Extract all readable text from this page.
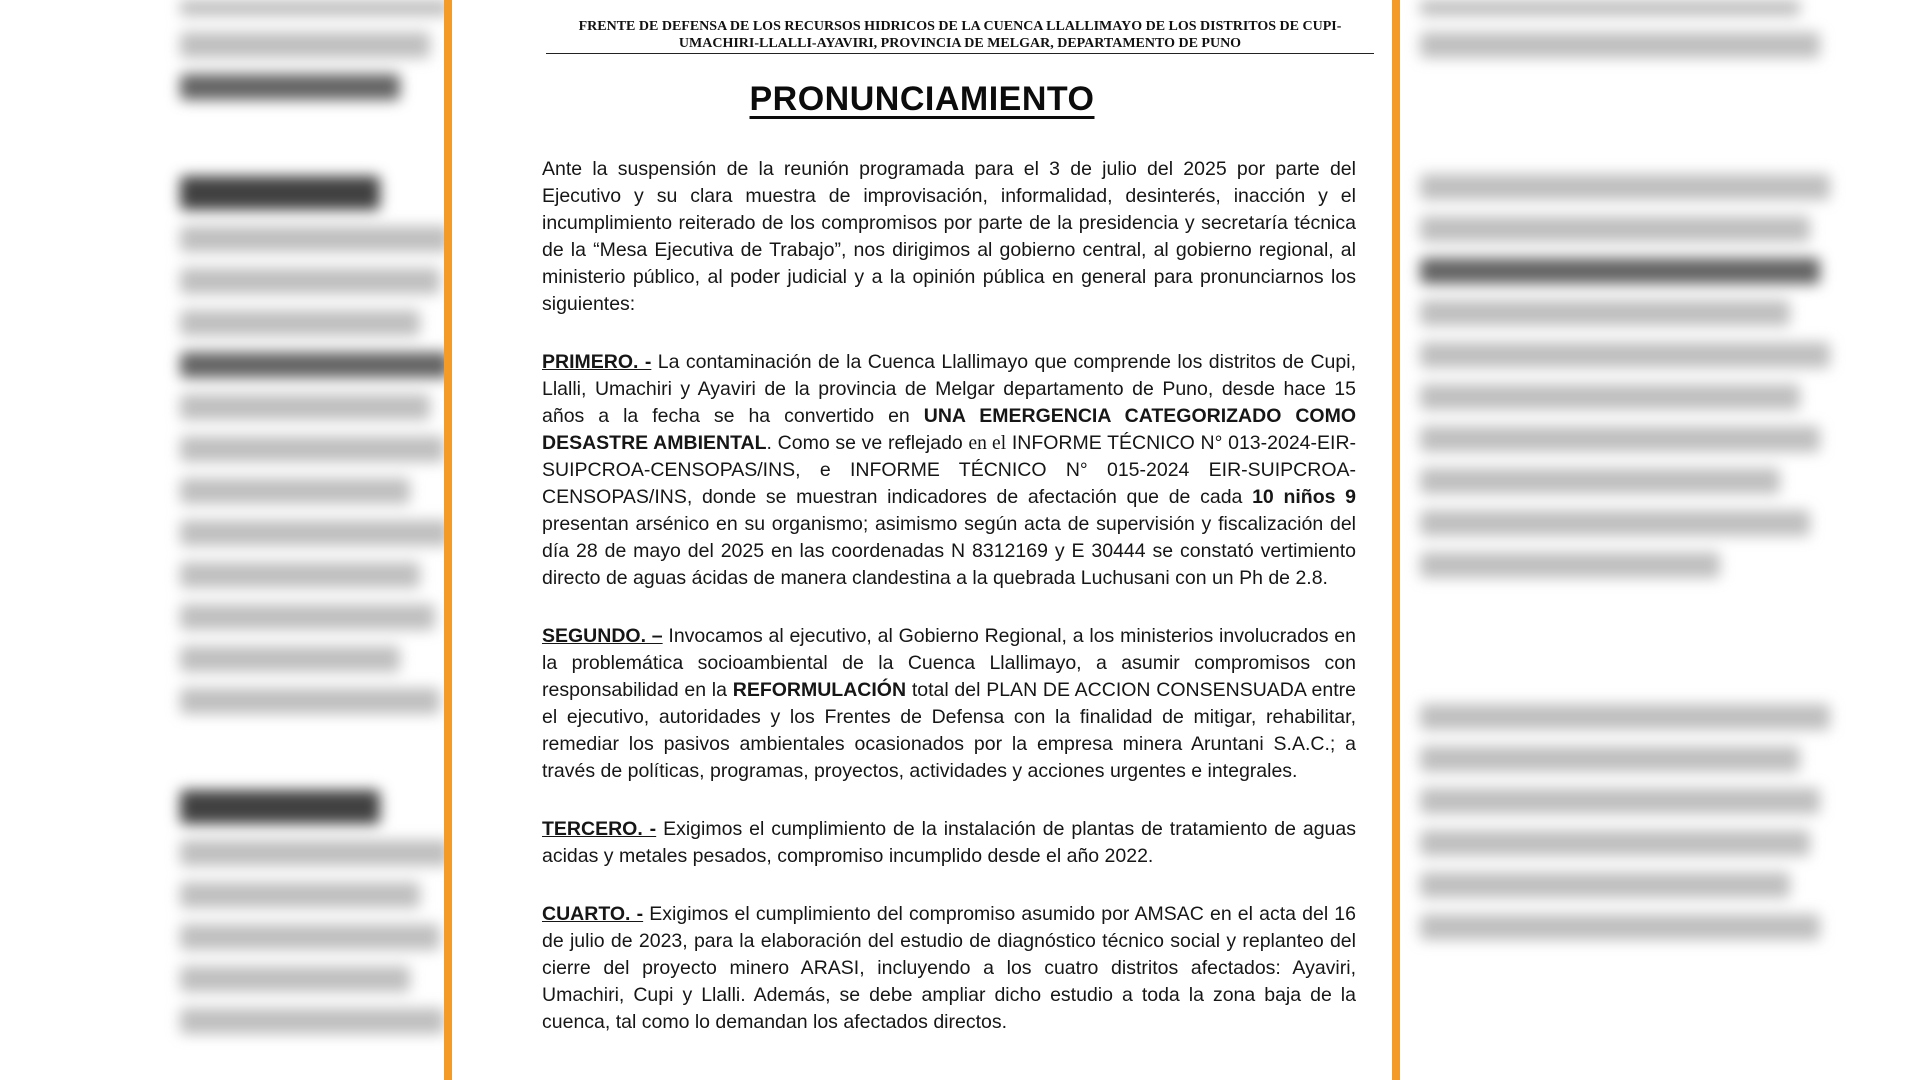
FRENTE DE DEFENSA DE LOS RECURSOS HIDRICOS DE LA CUENCA LLALLIMAYO DE LOS DISTRITOS DE CUPI-UMACHIRI-LLALLI-AYAVIRI, PROVINCIA DE MELGAR, DEPARTAMENTO DE PUNO
PRONUNCIAMIENTO

Ante la suspensión de la reunión programada para el 3 de julio del 2025 por parte del Ejecutivo y su clara muestra de improvisación, informalidad, desinterés, inacción y el incumplimiento reiterado de los compromisos por parte de la presidencia y secretaría técnica de la “Mesa Ejecutiva de Trabajo”, nos dirigimos al gobierno central, al gobierno regional, al ministerio público, al poder judicial y a la opinión pública en general para pronunciarnos los siguientes:

PRIMERO. - La contaminación de la Cuenca Llallimayo que comprende los distritos de Cupi, Llalli, Umachiri y Ayaviri de la provincia de Melgar departamento de Puno, desde hace 15 años a la fecha se ha convertido en UNA EMERGENCIA CATEGORIZADO COMO DESASTRE AMBIENTAL. Como se ve reflejado en el INFORME TÉCNICO N° 013-2024-EIR-SUIPCROA-CENSOPAS/INS, e INFORME TÉCNICO N° 015-2024 EIR-SUIPCROA-CENSOPAS/INS, donde se muestran indicadores de afectación que de cada 10 niños 9 presentan arsénico en su organismo; asimismo según acta de supervisión y fiscalización del día 28 de mayo del 2025 en las coordenadas N 8312169 y E 30444 se constató vertimiento directo de aguas ácidas de manera clandestina a la quebrada Luchusani con un Ph de 2.8.

SEGUNDO. – Invocamos al ejecutivo, al Gobierno Regional, a los ministerios involucrados en la problemática socioambiental de la Cuenca Llallimayo, a asumir compromisos con responsabilidad en la REFORMULACIÓN total del PLAN DE ACCION CONSENSUADA entre el ejecutivo, autoridades y los Frentes de Defensa con la finalidad de mitigar, rehabilitar, remediar los pasivos ambientales ocasionados por la empresa minera Aruntani S.A.C.; a través de políticas, programas, proyectos, actividades y acciones urgentes e integrales.

TERCERO. - Exigimos el cumplimiento de la instalación de plantas de tratamiento de aguas acidas y metales pesados, compromiso incumplido desde el año 2022.

CUARTO. - Exigimos el cumplimiento del compromiso asumido por AMSAC en el acta del 16 de julio de 2023, para la elaboración del estudio de diagnóstico técnico social y replanteo del cierre del proyecto minero ARASI, incluyendo a los cuatro distritos afectados: Ayaviri, Umachiri, Cupi y Llalli. Además, se debe ampliar dicho estudio a toda la zona baja de la cuenca, tal como lo demandan los afectados directos.
